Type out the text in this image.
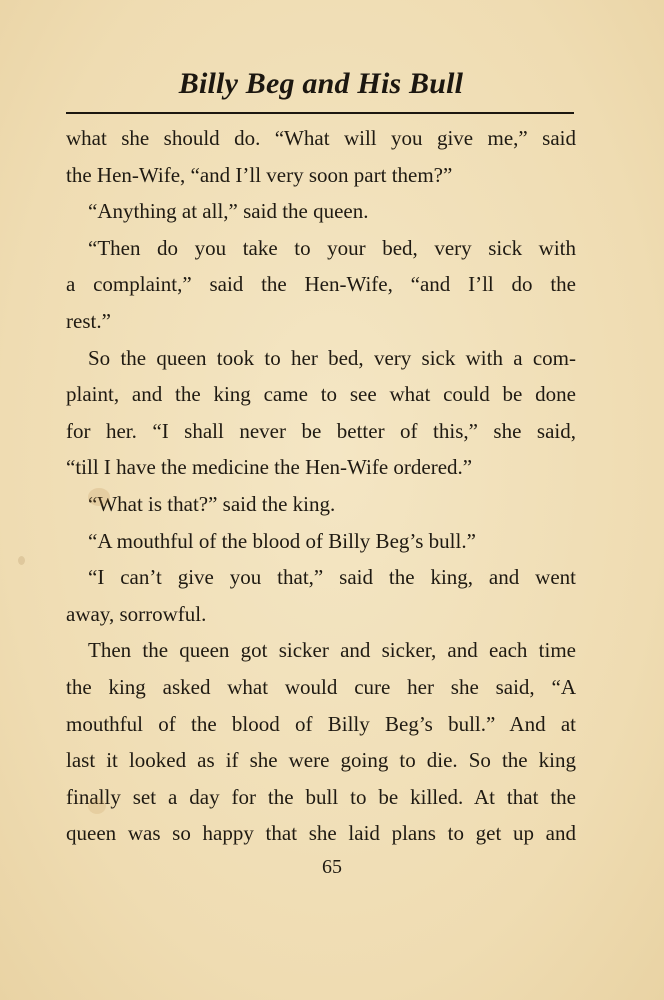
Billy Beg and His Bull
what she should do. “What will you give me,” said
the Hen-Wife, “and I’ll very soon part them?”
“Anything at all,” said the queen.
“Then do you take to your bed, very sick with
a complaint,” said the Hen-Wife, “and I’ll do the
rest.”
So the queen took to her bed, very sick with a com-
plaint, and the king came to see what could be done
for her. “I shall never be better of this,” she said,
“till I have the medicine the Hen-Wife ordered.”
“What is that?” said the king.
“A mouthful of the blood of Billy Beg’s bull.”
“I can’t give you that,” said the king, and went
away, sorrowful.
Then the queen got sicker and sicker, and each time
the king asked what would cure her she said, “A
mouthful of the blood of Billy Beg’s bull.” And at
last it looked as if she were going to die. So the king
finally set a day for the bull to be killed. At that the
queen was so happy that she laid plans to get up and
65
